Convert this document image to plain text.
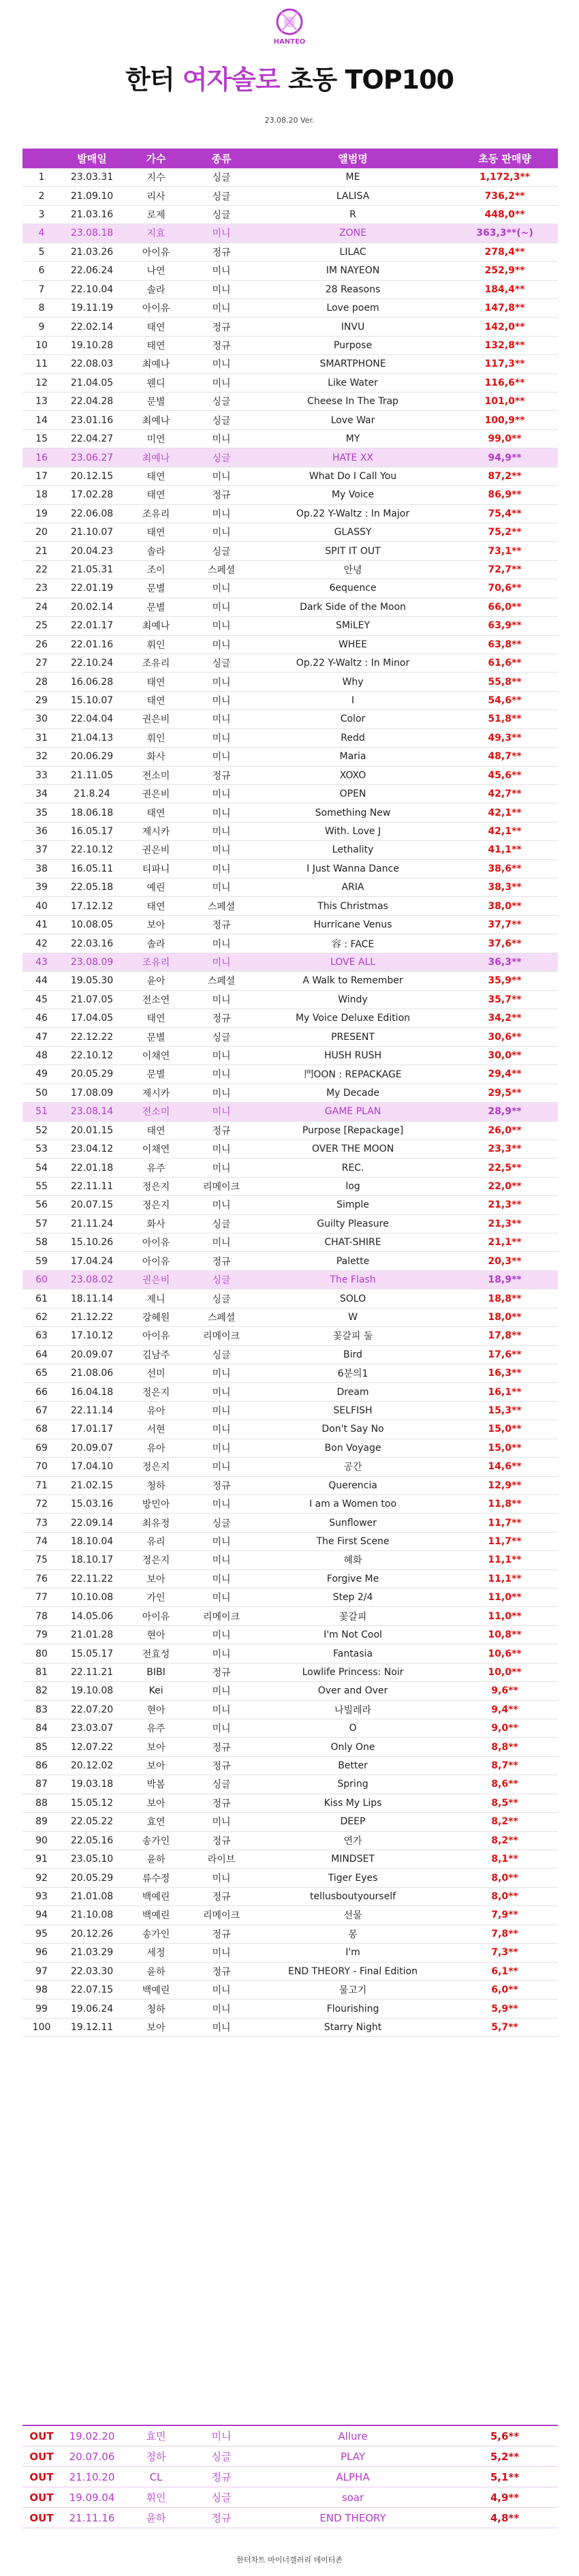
HANTEO
한터 여자솔로 초동 TOP100
23.08.20 Ver.
발매일	가수	종류	앨범명	초동 판매량
1	23.03.31	지수	싱글	ME	1,172,3**
2	21.09.10	리사	싱글	LALISA	736,2**
3	21.03.16	로제	싱글	R	448,0**
4	23.08.18	지효	미니	ZONE	363,3**(~)
5	21.03.26	아이유	정규	LILAC	278,4**
6	22.06.24	나연	미니	IM NAYEON	252,9**
7	22.10.04	솔라	미니	28 Reasons	184,4**
8	19.11.19	아이유	미니	Love poem	147,8**
9	22.02.14	태연	정규	INVU	142,0**
10	19.10.28	태연	정규	Purpose	132,8**
11	22.08.03	최예나	미니	SMARTPHONE	117,3**
12	21.04.05	웬디	미니	Like Water	116,6**
13	22.04.28	문별	싱글	Cheese In The Trap	101,0**
14	23.01.16	최예나	싱글	Love War	100,9**
15	22.04.27	미연	미니	MY	99,0**
16	23.06.27	최예나	싱글	HATE XX	94,9**
17	20.12.15	태연	미니	What Do I Call You	87,2**
18	17.02.28	태연	정규	My Voice	86,9**
19	22.06.08	조유리	미니	Op.22 Y-Waltz : In Major	75,4**
20	21.10.07	태연	미니	GLASSY	75,2**
21	20.04.23	솔라	싱글	SPIT IT OUT	73,1**
22	21.05.31	조이	스페셜	안녕	72,7**
23	22.01.19	문별	미니	6equence	70,6**
24	20.02.14	문별	미니	Dark Side of the Moon	66,0**
25	22.01.17	최예나	미니	SMiLEY	63,9**
26	22.01.16	휘인	미니	WHEE	63,8**
27	22.10.24	조유리	싱글	Op.22 Y-Waltz : In Minor	61,6**
28	16.06.28	태연	미니	Why	55,8**
29	15.10.07	태연	미니	I	54,6**
30	22.04.04	권은비	미니	Color	51,8**
31	21.04.13	휘인	미니	Redd	49,3**
32	20.06.29	화사	미니	Maria	48,7**
33	21.11.05	전소미	정규	XOXO	45,6**
34	21.8.24	권은비	미니	OPEN	42,7**
35	18.06.18	태연	미니	Something New	42,1**
36	16.05.17	제시카	미니	With. Love J	42,1**
37	22.10.12	권은비	미니	Lethality	41,1**
38	16.05.11	티파니	미니	I Just Wanna Dance	38,6**
39	22.05.18	예린	미니	ARIA	38,3**
40	17.12.12	태연	스페셜	This Christmas	38,0**
41	10.08.05	보아	정규	Hurricane Venus	37,7**
42	22.03.16	솔라	미니	容 : FACE	37,6**
43	23.08.09	조유리	미니	LOVE ALL	36,3**
44	19.05.30	윤아	스페셜	A Walk to Remember	35,9**
45	21.07.05	전소연	미니	Windy	35,7**
46	17.04.05	태연	정규	My Voice Deluxe Edition	34,2**
47	22.12.22	문별	싱글	PRESENT	30,6**
48	22.10.12	이채연	미니	HUSH RUSH	30,0**
49	20.05.29	문별	미니	門OON : REPACKAGE	29,4**
50	17.08.09	제시카	미니	My Decade	29,5**
51	23.08.14	전소미	미니	GAME PLAN	28,9**
52	20.01.15	태연	정규	Purpose [Repackage]	26,0**
53	23.04.12	이채연	미니	OVER THE MOON	23,3**
54	22.01.18	유주	미니	REC.	22,5**
55	22.11.11	정은지	리메이크	log	22,0**
56	20.07.15	정은지	미니	Simple	21,3**
57	21.11.24	화사	싱글	Guilty Pleasure	21,3**
58	15.10.26	아이유	미니	CHAT-SHIRE	21,1**
59	17.04.24	아이유	정규	Palette	20,3**
60	23.08.02	권은비	싱글	The Flash	18,9**
61	18.11.14	제니	싱글	SOLO	18,8**
62	21.12.22	강혜원	스페셜	W	18,0**
63	17.10.12	아이유	리메이크	꽃갈피 둘	17,8**
64	20.09.07	김남주	싱글	Bird	17,6**
65	21.08.06	선미	미니	6분의1	16,3**
66	16.04.18	정은지	미니	Dream	16,1**
67	22.11.14	유아	미니	SELFISH	15,3**
68	17.01.17	서현	미니	Don't Say No	15,0**
69	20.09.07	유아	미니	Bon Voyage	15,0**
70	17.04.10	정은지	미니	공간	14,6**
71	21.02.15	청하	정규	Querencia	12,9**
72	15.03.16	방민아	미니	I am a Women too	11,8**
73	22.09.14	최유정	싱글	Sunflower	11,7**
74	18.10.04	유리	미니	The First Scene	11,7**
75	18.10.17	정은지	미니	혜화	11,1**
76	22.11.22	보아	미니	Forgive Me	11,1**
77	10.10.08	가인	미니	Step 2/4	11,0**
78	14.05.06	아이유	리메이크	꽃갈피	11,0**
79	21.01.28	현아	미니	I'm Not Cool	10,8**
80	15.05.17	전효성	미니	Fantasia	10,6**
81	22.11.21	BIBI	정규	Lowlife Princess: Noir	10,0**
82	19.10.08	Kei	미니	Over and Over	9,6**
83	22.07.20	현아	미니	나빌레라	9,4**
84	23.03.07	유주	미니	O	9,0**
85	12.07.22	보아	정규	Only One	8,8**
86	20.12.02	보아	정규	Better	8,7**
87	19.03.18	박봄	싱글	Spring	8,6**
88	15.05.12	보아	정규	Kiss My Lips	8,5**
89	22.05.22	효연	미니	DEEP	8,2**
90	22.05.16	송가인	정규	연가	8,2**
91	23.05.10	윤하	라이브	MINDSET	8,1**
92	20.05.29	류수정	미니	Tiger Eyes	8,0**
93	21.01.08	백예린	정규	tellusboutyourself	8,0**
94	21.10.08	백예린	리메이크	선물	7,9**
95	20.12.26	송가인	정규	몽	7,8**
96	21.03.29	세정	미니	I'm	7,3**
97	22.03.30	윤하	정규	END THEORY - Final Edition	6,1**
98	22.07.15	백예린	미니	물고기	6,0**
99	19.06.24	청하	미니	Flourishing	5,9**
100	19.12.11	보아	미니	Starry Night	5,7**
OUT	19.02.20	효민	미니	Allure	5,6**
OUT	20.07.06	청하	싱글	PLAY	5,2**
OUT	21.10.20	CL	정규	ALPHA	5,1**
OUT	19.09.04	휘인	싱글	soar	4,9**
OUT	21.11.16	윤하	정규	END THEORY	4,8**
한터차트 마이너갤러리 데이터존
